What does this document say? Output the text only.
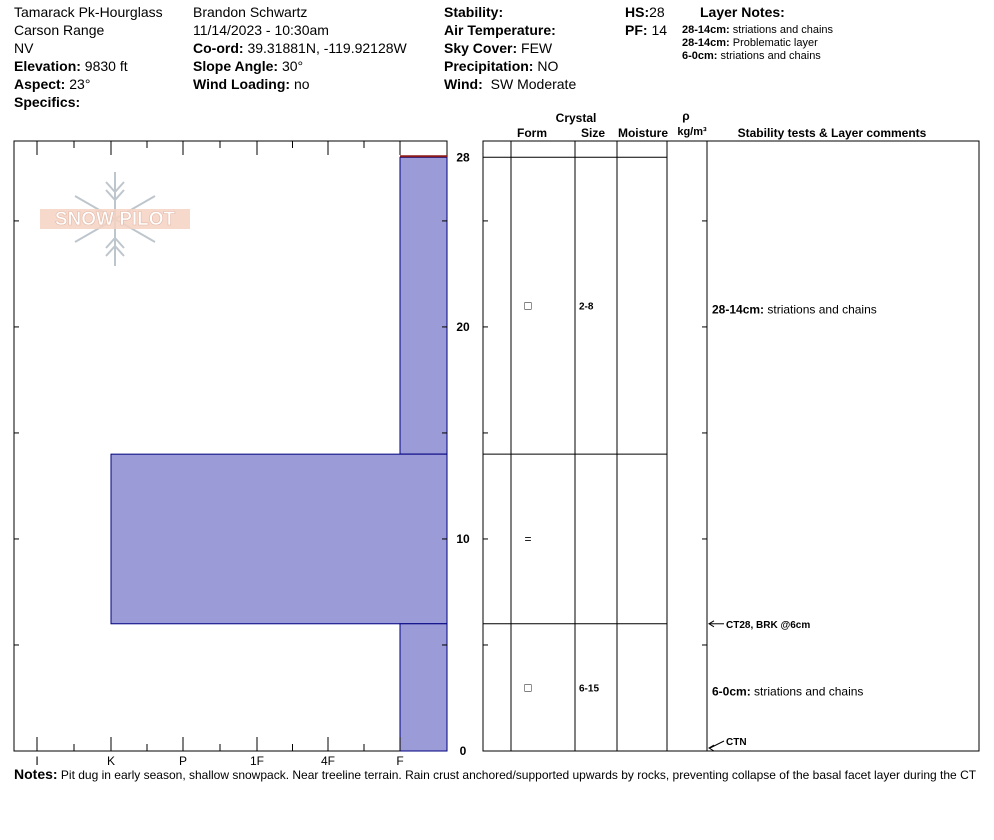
Tamarack Pk-Hourglass
Carson Range
NV
Elevation: 9830 ft
Aspect: 23°
Specifics:
Brandon Schwartz
11/14/2023 - 10:30am
Co-ord: 39.31881N, -119.92128W
Slope Angle: 30°
Wind Loading: no
Stability:
Air Temperature:
Sky Cover: FEW
Precipitation: NO
Wind: SW Moderate
HS:28
PF: 14
Layer Notes:
28-14cm: striations and chains
28-14cm: Problematic layer
6-0cm: striations and chains
SNOW PILOT
I	K	P	1F	4F	F
0
10
20
28
□	2-8	28-14cm: striations and chains
=
□	6-15	6-0cm: striations and chains
CT28, BRK @6cm
CTN
Crystal
Form	Size Moisture
ρ
kg/m³	Stability tests & Layer comments
Notes: Pit dug in early season, shallow snowpack. Near treeline terrain. Rain crust anchored/supported upwards by rocks, preventing collapse of the basal facet layer during the CT
